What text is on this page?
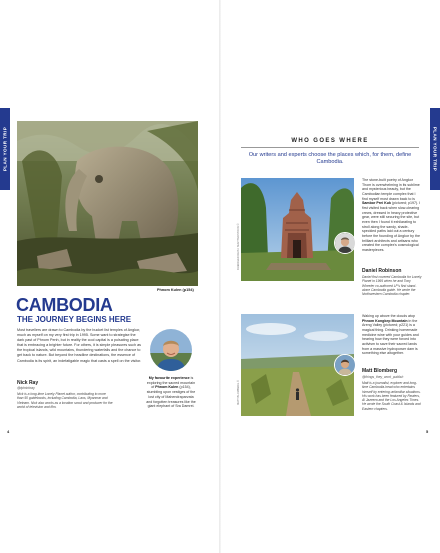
PLAN YOUR TRIP	PLAN YOUR TRIP
Phnom Kulen (p154)
CAMBODIA
THE JOURNEY BEGINS HERE

Most travellers are drawn to Cambodia by the bucket list temples of Angkor, much as myself on my very first trip in 1995. Some want to strategise the dark past of Phnom Penh, but in reality the cool capital is a pulsating place that is embracing a brighter future. For others, it is simple pleasures such as the tropical islands, wild mountains, thundering waterfalls and the chance to get back to nature. But beyond the headline destinations, the essence of Cambodia is its spirit, an indefatigable magic that casts a spell on the visitor.

Nick Ray
@tplnickray

Nick is a long-time Lonely Planet author, contributing to more than 50 guidebooks, including Cambodia, Laos, Myanmar and Vietnam. Nick also works as a location scout and producer for the world of television and film.

My favourite experience is exploring the sacred mountain of Phnom Kulen (p154), stumbling upon vestiges of the lost city of Mahendraparvata and forgotten treasures like the giant elephant of Sra Damrei.
4
WHO GOES WHERE

Our writers and experts choose the places which, for them, define Cambodia.

RUEDIGER REIN / SHUTTERSTOCK ©
The stone-built poetry of Angkor Thom is overwhelming in its sublime and mysterious beauty, but the Cambodian temple complex that I find myself most drawn back to is Sambor Prei Kuk (pictured; p197). I first visited back when slow-clearing crews, dressed in heavy protective gear, were still securing the site, but even then I found it exhilarating to stroll along the sandy, shade-speckled paths laid out a century before the founding of Angkor by the brilliant architects and artisans who created the complex's cosmological masterpieces.
Daniel Robinson

Daniel first covered Cambodia for Lonely Planet in 1995 when he and Tony Wheeler co-authored LP's first stand-alone Cambodia guide. He wrote the Northwestern Cambodia chapter.

MATT BLOMBERG ©
Waking up above the clouds atop Phnom Kongkep Mountain in the Areng Valley (pictured; p221) is a magical thing. Drinking homemade medicine wine with your guides and hearing how they were forced into activism to save their sacred lands from a massive hydropower dam is something else altogether.
Matt Blomberg
@things_they_wont_publish

Matt is a journalist, explorer and long-time Cambodia-head who entertains himself by entering unfamiliar situations. His work has been featured by Reuters, Al Jazeera and the Los Angeles Times. He wrote the South Coast & Islands and Eastern chapters.

5
